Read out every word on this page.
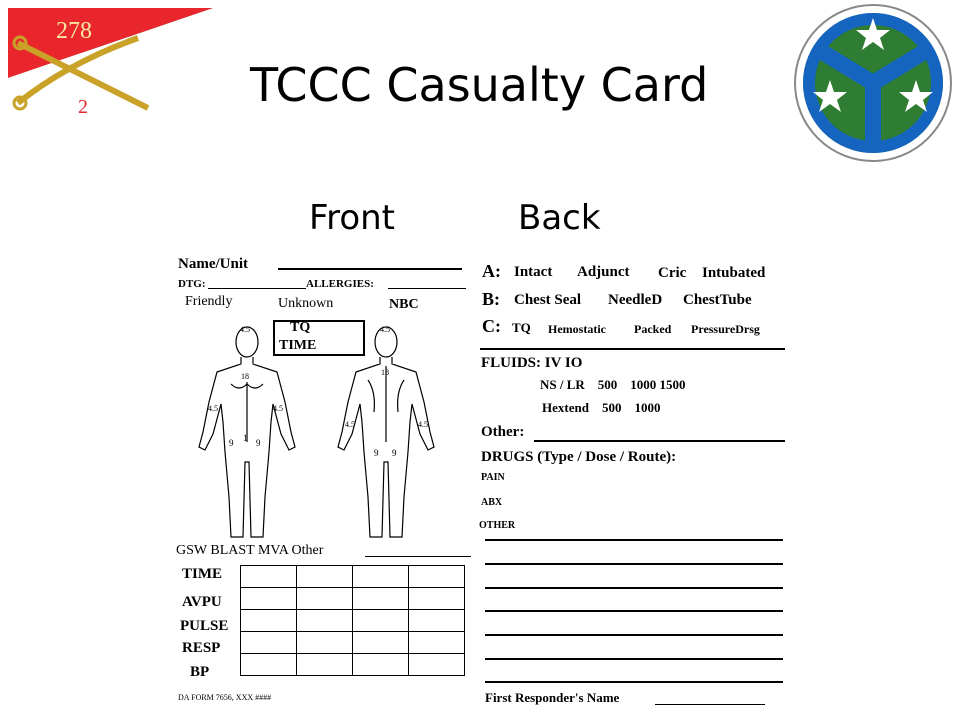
278
2	TCCC Casualty Card
Front	Back
Name/Unit
DTG:	ALLERGIES:
Friendly	Unknown	NBC
TQ
TIME
4.5
18
4.5	4.5
1
9	9
4.5
18
4.5	4.5
9 9
GSW BLAST MVA Other
TIME
AVPU
PULSE
RESP
BP

DA FORM 7656, XXX ####
A: Intact Adjunct Cric Intubated
B: Chest Seal NeedleD ChestTube
C: TQ Hemostatic Packed PressureDrsg
FLUIDS: IV IO
NS / LR    500    1000 1500
Hextend    500    1000
Other:
DRUGS (Type / Dose / Route):
PAIN
ABX
OTHER
First Responder's Name
